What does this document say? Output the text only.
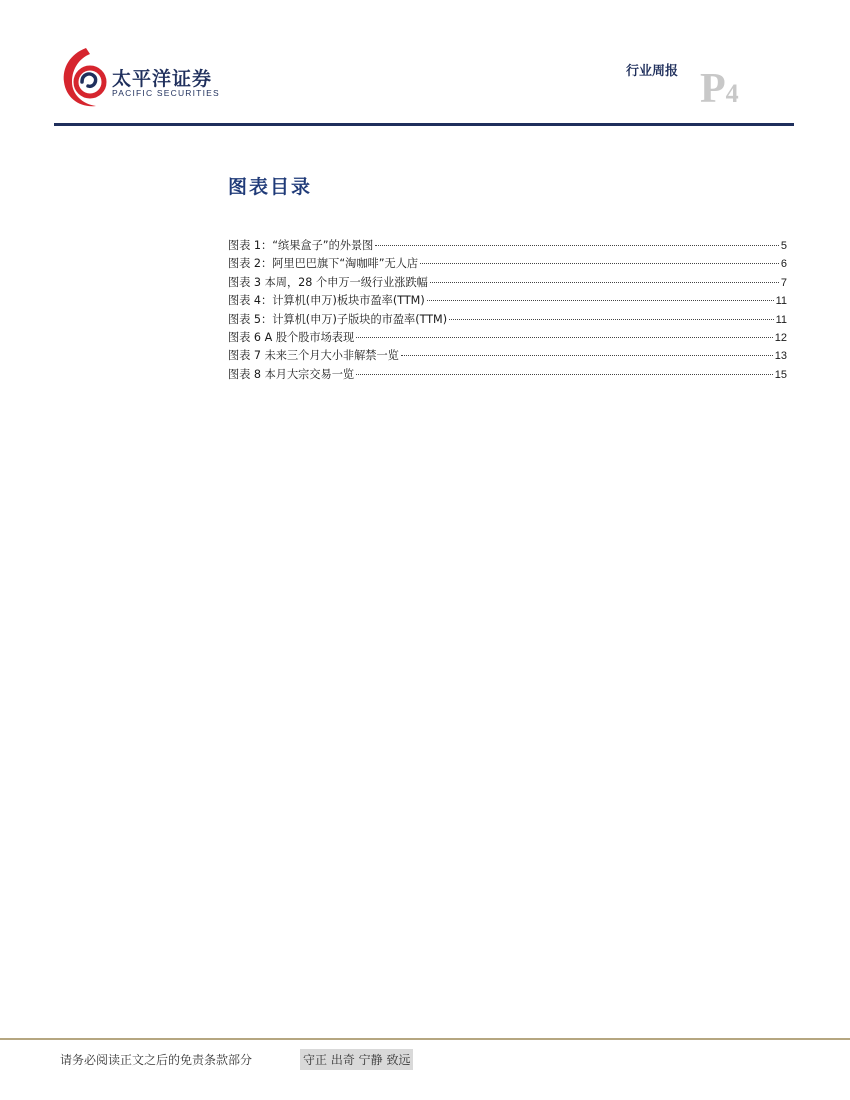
太平洋证券
PACIFIC SECURITIES
行业周报 P4
图表目录
图表 1：“缤果盒子”的外景图	5
图表 2：阿里巴巴旗下“淘咖啡”无人店	6
图表 3 本周，28 个申万一级行业涨跌幅	7
图表 4：计算机(申万)板块市盈率(TTM)	11
图表 5：计算机(申万)子版块的市盈率(TTM)	11
图表 6 A 股个股市场表现	12
图表 7 未来三个月大小非解禁一览	13
图表 8 本月大宗交易一览	15
请务必阅读正文之后的免责条款部分	守正 出奇 宁静 致远
